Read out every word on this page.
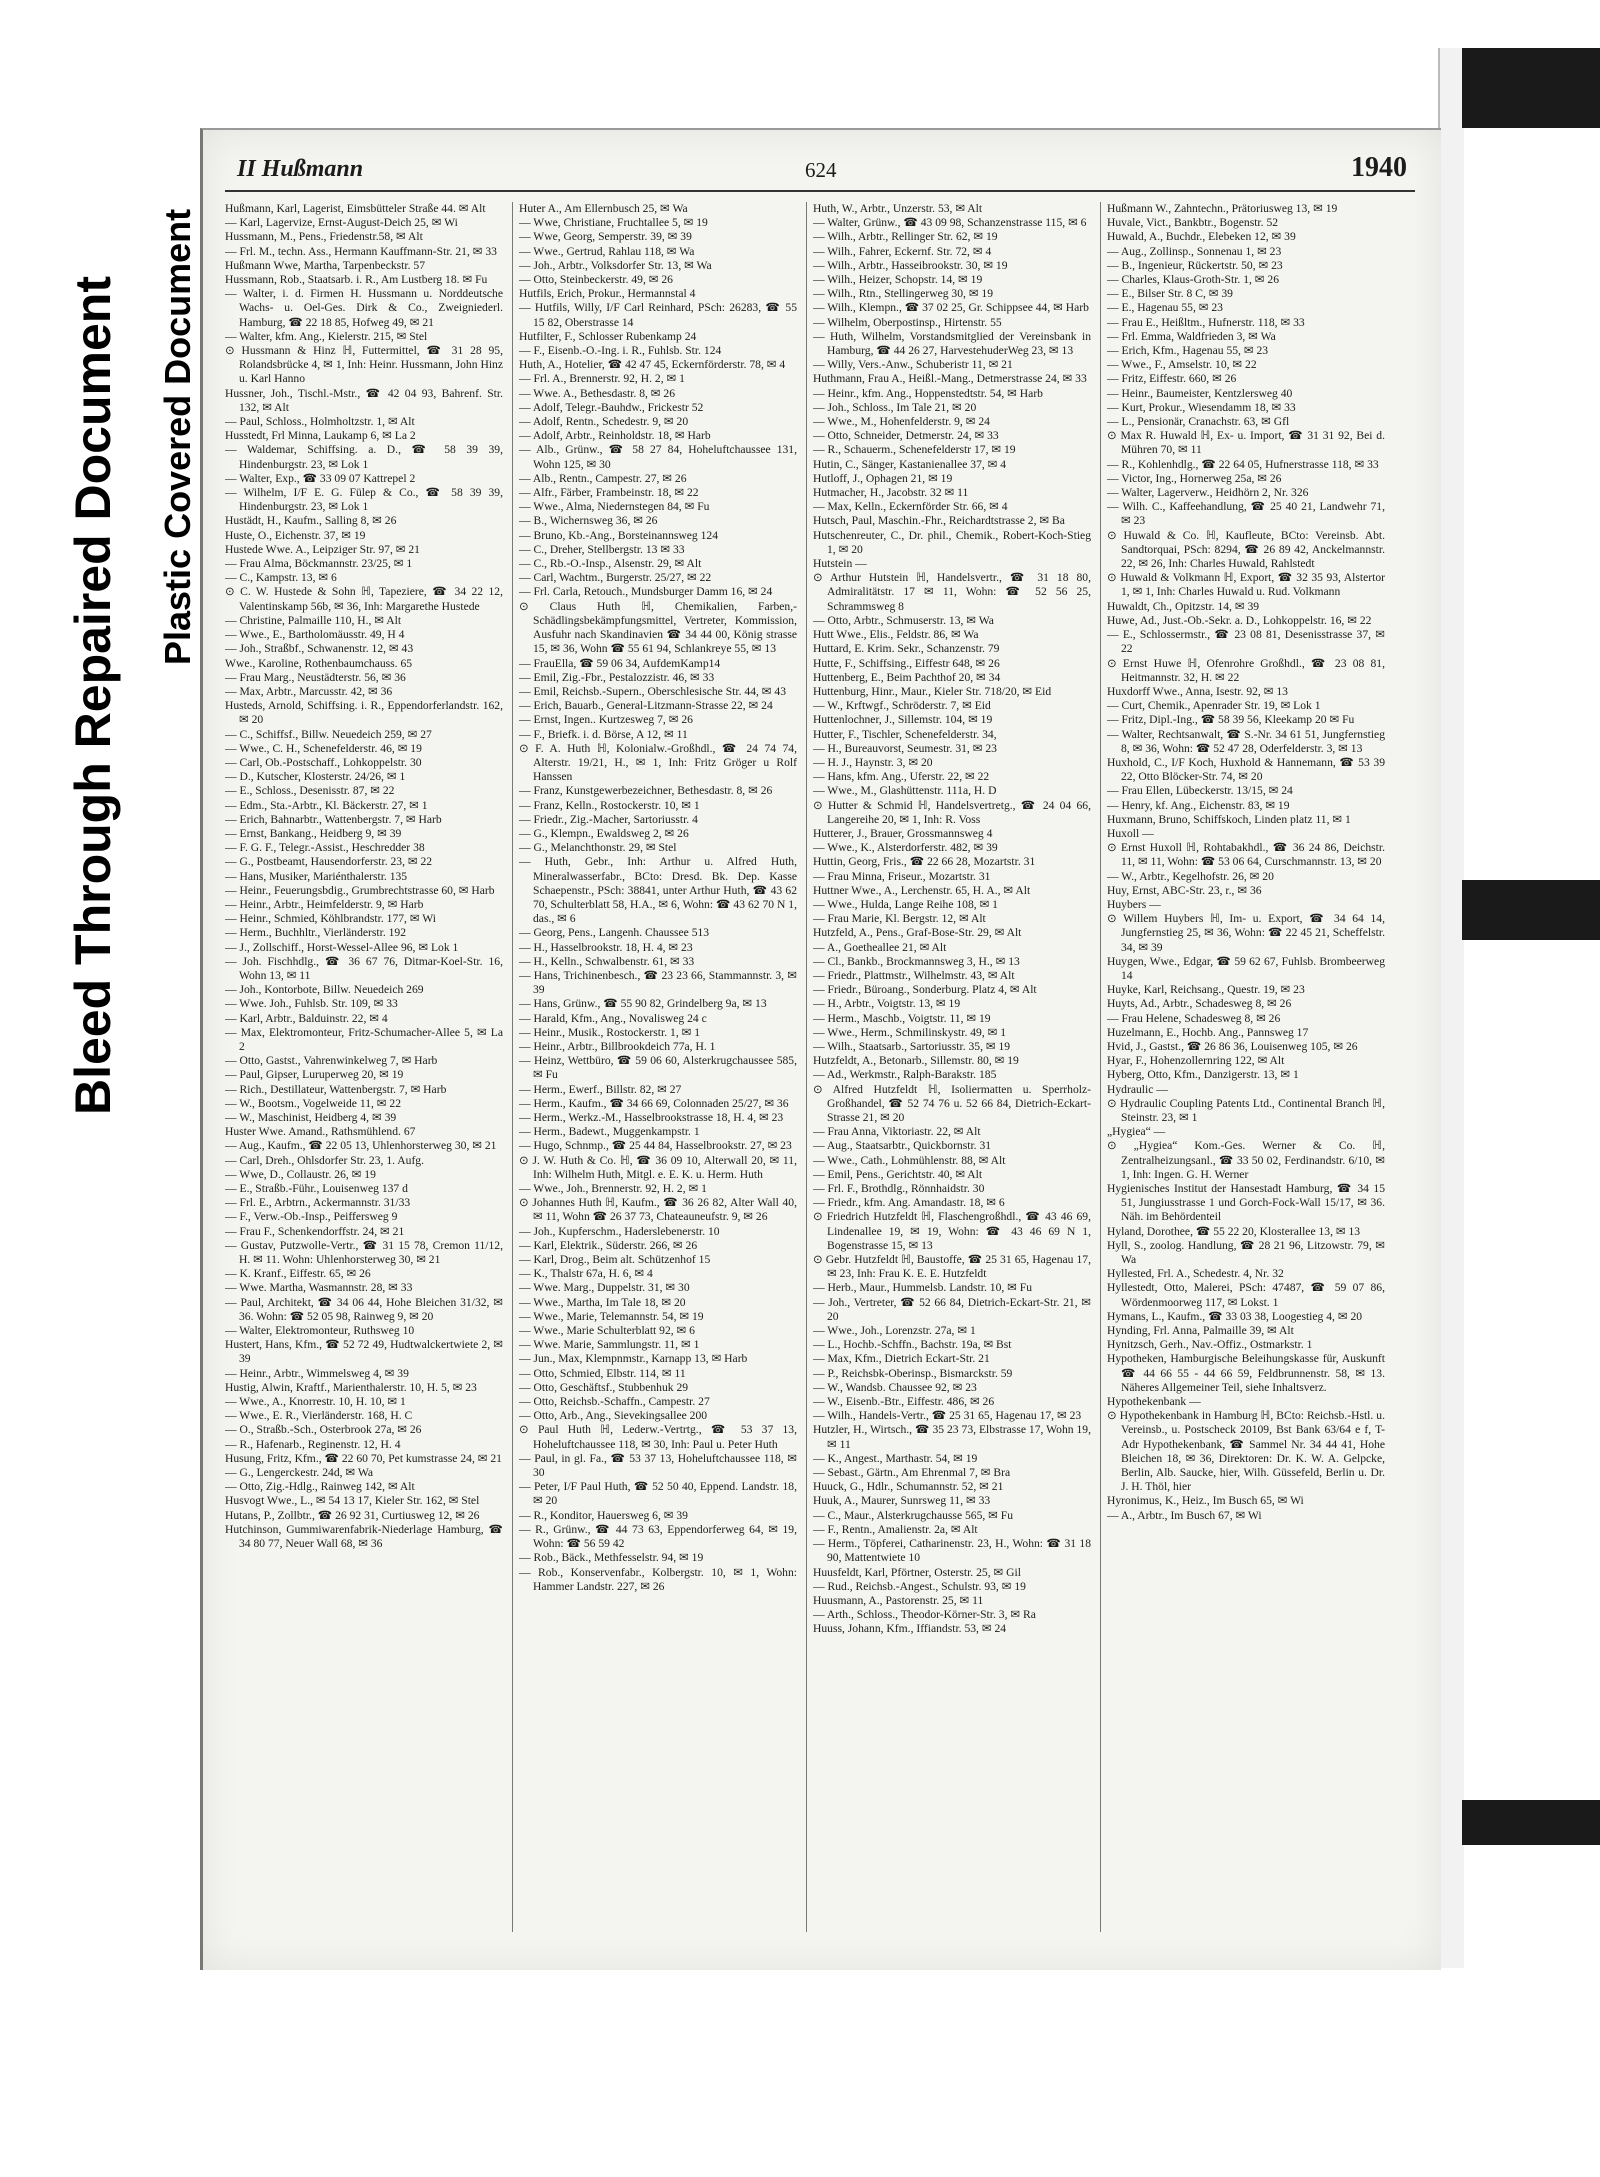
Bleed Through Repaired Document Plastic Covered Document
II Hußmann	624	1940
Hußmann, Karl, Lagerist, Eimsbütteler Straße 44. ✉ Alt
— Karl, Lagervize, Ernst-August-Deich 25, ✉ Wi
Hussmann, M., Pens., Friedenstr.58, ✉ Alt
— Frl. M., techn. Ass., Hermann Kauffmann-Str. 21, ✉ 33
Hußmann Wwe, Martha, Tarpenbeckstr. 57
Hussmann, Rob., Staatsarb. i. R., Am Lustberg 18. ✉ Fu
— Walter, i. d. Firmen H. Hussmann u. Norddeutsche Wachs- u. Oel-Ges. Dirk & Co., Zweigniederl. Hamburg, ☎ 22 18 85, Hofweg 49, ✉ 21
— Walter, kfm. Ang., Kielerstr. 215, ✉ Stel
⊙ Hussmann & Hinz ℍ, Futtermittel, ☎ 31 28 95, Rolandsbrücke 4, ✉ 1, Inh: Heinr. Hussmann, John Hinz u. Karl Hanno
Hussner, Joh., Tischl.-Mstr., ☎ 42 04 93, Bahrenf. Str. 132, ✉ Alt
— Paul, Schloss., Holmholtzstr. 1, ✉ Alt
Husstedt, Frl Minna, Laukamp 6, ✉ La 2
— Waldemar, Schiffsing. a. D., ☎ 58 39 39, Hindenburgstr. 23, ✉ Lok 1
— Walter, Exp., ☎ 33 09 07 Kattrepel 2
— Wilhelm, I/F E. G. Fülep & Co., ☎ 58 39 39, Hindenburgstr. 23, ✉ Lok 1
Hustädt, H., Kaufm., Salling 8, ✉ 26
Huste, O., Eichenstr. 37, ✉ 19
Hustede Wwe. A., Leipziger Str. 97, ✉ 21
— Frau Alma, Böckmannstr. 23/25, ✉ 1
— C., Kampstr. 13, ✉ 6
⊙ C. W. Hustede & Sohn ℍ, Tapeziere, ☎ 34 22 12, Valentinskamp 56b, ✉ 36, Inh: Margarethe Hustede
— Christine, Palmaille 110, H., ✉ Alt
— Wwe., E., Bartholomäusstr. 49, H 4
— Joh., Straßbf., Schwanenstr. 12, ✉ 43
Wwe., Karoline, Rothenbaumchauss. 65
— Frau Marg., Neustädterstr. 56, ✉ 36
— Max, Arbtr., Marcusstr. 42, ✉ 36
Husteds, Arnold, Schiffsing. i. R., Eppendorferlandstr. 162, ✉ 20
— C., Schiffsf., Billw. Neuedeich 259, ✉ 27
— Wwe., C. H., Schenefelderstr. 46, ✉ 19
— Carl, Ob.-Postschaff., Lohkoppelstr. 30
— D., Kutscher, Klosterstr. 24/26, ✉ 1
— E., Schloss., Desenisstr. 87, ✉ 22
— Edm., Sta.-Arbtr., Kl. Bäckerstr. 27, ✉ 1
— Erich, Bahnarbtr., Wattenbergstr. 7, ✉ Harb
— Ernst, Bankang., Heidberg 9, ✉ 39
— F. G. F., Telegr.-Assist., Heschredder 38
— G., Postbeamt, Hausendorferstr. 23, ✉ 22
— Hans, Musiker, Mariénthalerstr. 135
— Heinr., Feuerungsbdig., Grumbrechtstrasse 60, ✉ Harb
— Heinr., Arbtr., Heimfelderstr. 9, ✉ Harb
— Heinr., Schmied, Köhlbrandstr. 177, ✉ Wi
— Herm., Buchhltr., Vierländerstr. 192
— J., Zollschiff., Horst-Wessel-Allee 96, ✉ Lok 1
— Joh. Fischhdlg., ☎ 36 67 76, Ditmar-Koel-Str. 16, Wohn 13, ✉ 11
— Joh., Kontorbote, Billw. Neuedeich 269
— Wwe. Joh., Fuhlsb. Str. 109, ✉ 33
— Karl, Arbtr., Balduinstr. 22, ✉ 4
— Max, Elektromonteur, Fritz-Schumacher-Allee 5, ✉ La 2
— Otto, Gastst., Vahrenwinkelweg 7, ✉ Harb
— Paul, Gipser, Luruperweg 20, ✉ 19
— Rich., Destillateur, Wattenbergstr. 7, ✉ Harb
— W., Bootsm., Vogelweide 11, ✉ 22
— W., Maschinist, Heidberg 4, ✉ 39
Huster Wwe. Amand., Rathsmühlend. 67
— Aug., Kaufm., ☎ 22 05 13, Uhlenhorsterweg 30, ✉ 21
— Carl, Dreh., Ohlsdorfer Str. 23, 1. Aufg.
— Wwe, D., Collaustr. 26, ✉ 19
— E., Straßb.-Führ., Louisenweg 137 d
— Frl. E., Arbtrn., Ackermannstr. 31/33
— F., Verw.-Ob.-Insp., Peiffersweg 9
— Frau F., Schenkendorffstr. 24, ✉ 21
— Gustav, Putzwolle-Vertr., ☎ 31 15 78, Cremon 11/12, H. ✉ 11. Wohn: Uhlenhorsterweg 30, ✉ 21
— K. Kranf., Eiffestr. 65, ✉ 26
— Wwe. Martha, Wasmannstr. 28, ✉ 33
— Paul, Architekt, ☎ 34 06 44, Hohe Bleichen 31/32, ✉ 36. Wohn: ☎ 52 05 98, Rainweg 9, ✉ 20
— Walter, Elektromonteur, Ruthsweg 10
Hustert, Hans, Kfm., ☎ 52 72 49, Hudtwalckertwiete 2, ✉ 39
— Heinr., Arbtr., Wimmelsweg 4, ✉ 39
Hustig, Alwin, Kraftf., Marienthalerstr. 10, H. 5, ✉ 23
— Wwe., A., Knorrestr. 10, H. 10, ✉ 1
— Wwe., E. R., Vierländerstr. 168, H. C
— O., Straßb.-Sch., Osterbrook 27a, ✉ 26
— R., Hafenarb., Reginenstr. 12, H. 4
Husung, Fritz, Kfm., ☎ 22 60 70, Pet kumstrasse 24, ✉ 21
— G., Lengerckestr. 24d, ✉ Wa
— Otto, Zig.-Hdlg., Rainweg 142, ✉ Alt
Husvogt Wwe., L., ✉ 54 13 17, Kieler Str. 162, ✉ Stel
Hutans, P., Zollbtr., ☎ 26 92 31, Curtiusweg 12, ✉ 26
Hutchinson, Gummiwarenfabrik-Niederlage Hamburg, ☎ 34 80 77, Neuer Wall 68, ✉ 36
Huter A., Am Ellernbusch 25, ✉ Wa
— Wwe, Christiane, Fruchtallee 5, ✉ 19
— Wwe, Georg, Semperstr. 39, ✉ 39
— Wwe., Gertrud, Rahlau 118, ✉ Wa
— Joh., Arbtr., Volksdorfer Str. 13, ✉ Wa
— Otto, Steinbeckerstr. 49, ✉ 26
Hutfils, Erich, Prokur., Hermannstal 4
— Hutfils, Willy, I/F Carl Reinhard, PSch: 26283, ☎ 55 15 82, Oberstrasse 14
Hutfilter, F., Schlosser Rubenkamp 24
— F., Eisenb.-O.-Ing. i. R., Fuhlsb. Str. 124
Huth, A., Hotelier, ☎ 42 47 45, Eckernförderstr. 78, ✉ 4
— Frl. A., Brennerstr. 92, H. 2, ✉ 1
— Wwe. A., Bethesdastr. 8, ✉ 26
— Adolf, Telegr.-Bauhdw., Frickestr 52
— Adolf, Rentn., Schedestr. 9, ✉ 20
— Adolf, Arbtr., Reinholdstr. 18, ✉ Harb
— Alb., Grünw., ☎ 58 27 84, Hoheluftchaussee 131, Wohn 125, ✉ 30
— Alb., Rentn., Campestr. 27, ✉ 26
— Alfr., Färber, Frambeinstr. 18, ✉ 22
— Wwe., Alma, Niedernstegen 84, ✉ Fu
— B., Wichernsweg 36, ✉ 26
— Bruno, Kb.-Ang., Borsteinannsweg 124
— C., Dreher, Stellbergstr. 13 ✉ 33
— C., Rb.-O.-Insp., Alsenstr. 29, ✉ Alt
— Carl, Wachtm., Burgerstr. 25/27, ✉ 22
— Frl. Carla, Retouch., Mundsburger Damm 16, ✉ 24
⊙ Claus Huth ℍ, Chemikalien, Farben,-Schädlingsbekämpfungsmittel, Vertreter, Kommission, Ausfuhr nach Skandinavien ☎ 34 44 00, König strasse 15, ✉ 36, Wohn ☎ 55 61 94, Schlankreye 55, ✉ 13
— FrauElla, ☎ 59 06 34, AufdemKamp14
— Emil, Zig.-Fbr., Pestalozzistr. 46, ✉ 33
— Emil, Reichsb.-Supern., Oberschlesische Str. 44, ✉ 43
— Erich, Bauarb., General-Litzmann-Strasse 22, ✉ 24
— Ernst, Ingen.. Kurtzesweg 7, ✉ 26
— F., Briefk. i. d. Börse, A 12, ✉ 11
⊙ F. A. Huth ℍ, Kolonialw.-Großhdl., ☎ 24 74 74, Alterstr. 19/21, H., ✉ 1, Inh: Fritz Gröger u Rolf Hanssen
— Franz, Kunstgewerbezeichner, Bethesdastr. 8, ✉ 26
— Franz, Kelln., Rostockerstr. 10, ✉ 1
— Friedr., Zig.-Macher, Sartoriusstr. 4
— G., Klempn., Ewaldsweg 2, ✉ 26
— G., Melanchthonstr. 29, ✉ Stel
— Huth, Gebr., Inh: Arthur u. Alfred Huth, Mineralwasserfabr., BCto: Dresd. Bk. Dep. Kasse Schaepenstr., PSch: 38841, unter Arthur Huth, ☎ 43 62 70, Schulterblatt 58, H.A., ✉ 6, Wohn: ☎ 43 62 70 N 1, das., ✉ 6
— Georg, Pens., Langenh. Chaussee 513
— H., Hasselbrookstr. 18, H. 4, ✉ 23
— H., Kelln., Schwalbenstr. 61, ✉ 33
— Hans, Trichinenbesch., ☎ 23 23 66, Stammannstr. 3, ✉ 39
— Hans, Grünw., ☎ 55 90 82, Grindelberg 9a, ✉ 13
— Harald, Kfm., Ang., Novalisweg 24 c
— Heinr., Musik., Rostockerstr. 1, ✉ 1
— Heinr., Arbtr., Billbrookdeich 77a, H. 1
— Heinz, Wettbüro, ☎ 59 06 60, Alsterkrugchaussee 585, ✉ Fu
— Herm., Ewerf., Billstr. 82, ✉ 27
— Herm., Kaufm., ☎ 34 66 69, Colonnaden 25/27, ✉ 36
— Herm., Werkz.-M., Hasselbrookstrasse 18, H. 4, ✉ 23
— Herm., Badewt., Muggenkampstr. 1
— Hugo, Schnmp., ☎ 25 44 84, Hasselbrookstr. 27, ✉ 23
⊙ J. W. Huth & Co. ℍ, ☎ 36 09 10, Alterwall 20, ✉ 11, Inh: Wilhelm Huth, Mitgl. e. E. K. u. Herm. Huth
— Wwe., Joh., Brennerstr. 92, H. 2, ✉ 1
⊙ Johannes Huth ℍ, Kaufm., ☎ 36 26 82, Alter Wall 40, ✉ 11, Wohn ☎ 26 37 73, Chateauneufstr. 9, ✉ 26
— Joh., Kupferschm., Haderslebenerstr. 10
— Karl, Elektrik., Süderstr. 266, ✉ 26
— Karl, Drog., Beim alt. Schützenhof 15
— K., Thalstr 67a, H. 6, ✉ 4
— Wwe. Marg., Duppelstr. 31, ✉ 30
— Wwe., Martha, Im Tale 18, ✉ 20
— Wwe., Marie, Telemannstr. 54, ✉ 19
— Wwe., Marie Schulterblatt 92, ✉ 6
— Wwe. Marie, Sammlungstr. 11, ✉ 1
— Jun., Max, Klempnmstr., Karnapp 13, ✉ Harb
— Otto, Schmied, Elbstr. 114, ✉ 11
— Otto, Geschäftsf., Stubbenhuk 29
— Otto, Reichsb.-Schaffn., Campestr. 27
— Otto, Arb., Ang., Sievekingsallee 200
⊙ Paul Huth ℍ, Lederw.-Vertrtg., ☎ 53 37 13, Hoheluftchaussee 118, ✉ 30, Inh: Paul u. Peter Huth
— Paul, in gl. Fa., ☎ 53 37 13, Hoheluftchaussee 118, ✉ 30
— Peter, I/F Paul Huth, ☎ 52 50 40, Eppend. Landstr. 18, ✉ 20
— R., Konditor, Hauersweg 6, ✉ 39
— R., Grünw., ☎ 44 73 63, Eppendorferweg 64, ✉ 19, Wohn: ☎ 56 59 42
— Rob., Bäck., Methfesselstr. 94, ✉ 19
— Rob., Konservenfabr., Kolbergstr. 10, ✉ 1, Wohn: Hammer Landstr. 227, ✉ 26
Huth, W., Arbtr., Unzerstr. 53, ✉ Alt
— Walter, Grünw., ☎ 43 09 98, Schanzenstrasse 115, ✉ 6
— Wilh., Arbtr., Rellinger Str. 62, ✉ 19
— Wilh., Fahrer, Eckernf. Str. 72, ✉ 4
— Wilh., Arbtr., Hasseibrookstr. 30, ✉ 19
— Wilh., Heizer, Schopstr. 14, ✉ 19
— Wilh., Rtn., Stellingerweg 30, ✉ 19
— Wilh., Klempn., ☎ 37 02 25, Gr. Schippsee 44, ✉ Harb
— Wilhelm, Oberpostinsp., Hirtenstr. 55
— Huth, Wilhelm, Vorstandsmitglied der Vereinsbank in Hamburg, ☎ 44 26 27, HarvestehuderWeg 23, ✉ 13
— Willy, Vers.-Anw., Schuberistr 11, ✉ 21
Huthmann, Frau A., Heißl.-Mang., Detmerstrasse 24, ✉ 33
— Heinr., kfm. Ang., Hoppenstedtstr. 54, ✉ Harb
— Joh., Schloss., Im Tale 21, ✉ 20
— Wwe., M., Hohenfelderstr. 9, ✉ 24
— Otto, Schneider, Detmerstr. 24, ✉ 33
— R., Schauerm., Schenefelderstr 17, ✉ 19
Hutin, C., Sänger, Kastanienallee 37, ✉ 4
Hutloff, J., Ophagen 21, ✉ 19
Hutmacher, H., Jacobstr. 32 ✉ 11
— Max, Kelln., Eckernförder Str. 66, ✉ 4
Hutsch, Paul, Maschin.-Fhr., Reichardtstrasse 2, ✉ Ba
Hutschenreuter, C., Dr. phil., Chemik., Robert-Koch-Stieg 1, ✉ 20
Hutstein —
⊙ Arthur Hutstein ℍ, Handelsvertr., ☎ 31 18 80, Admiralitätstr. 17 ✉ 11, Wohn: ☎ 52 56 25, Schrammsweg 8
— Otto, Arbtr., Schmuserstr. 13, ✉ Wa
Hutt Wwe., Elis., Feldstr. 86, ✉ Wa
Huttard, E. Krim. Sekr., Schanzenstr. 79
Hutte, F., Schiffsing., Eiffestr 648, ✉ 26
Huttenberg, E., Beim Pachthof 20, ✉ 34
Huttenburg, Hinr., Maur., Kieler Str. 718/20, ✉ Eid
— W., Krftwgf., Schröderstr. 7, ✉ Eid
Huttenlochner, J., Sillemstr. 104, ✉ 19
Hutter, F., Tischler, Schenefelderstr. 34,
— H., Bureauvorst, Seumestr. 31, ✉ 23
— H. J., Haynstr. 3, ✉ 20
— Hans, kfm. Ang., Uferstr. 22, ✉ 22
— Wwe., M., Glashüttenstr. 111a, H. D
⊙ Hutter & Schmid ℍ, Handelsvertretg., ☎ 24 04 66, Langereihe 20, ✉ 1, Inh: R. Voss
Hutterer, J., Brauer, Grossmannsweg 4
— Wwe., K., Alsterdorferstr. 482, ✉ 39
Huttin, Georg, Fris., ☎ 22 66 28, Mozartstr. 31
— Frau Minna, Friseur., Mozartstr. 31
Huttner Wwe., A., Lerchenstr. 65, H. A., ✉ Alt
— Wwe., Hulda, Lange Reihe 108, ✉ 1
— Frau Marie, Kl. Bergstr. 12, ✉ Alt
Hutzfeld, A., Pens., Graf-Bose-Str. 29, ✉ Alt
— A., Goetheallee 21, ✉ Alt
— Cl., Bankb., Brockmannsweg 3, H., ✉ 13
— Friedr., Plattmstr., Wilhelmstr. 43, ✉ Alt
— Friedr., Büroang., Sonderburg. Platz 4, ✉ Alt
— H., Arbtr., Voigtstr. 13, ✉ 19
— Herm., Maschb., Voigtstr. 11, ✉ 19
— Wwe., Herm., Schmilinskystr. 49, ✉ 1
— Wilh., Staatsarb., Sartoriusstr. 35, ✉ 19
Hutzfeldt, A., Betonarb., Sillemstr. 80, ✉ 19
— Ad., Werkmstr., Ralph-Barakstr. 185
⊙ Alfred Hutzfeldt ℍ, Isoliermatten u. Sperrholz-Großhandel, ☎ 52 74 76 u. 52 66 84, Dietrich-Eckart-Strasse 21, ✉ 20
— Frau Anna, Viktoriastr. 22, ✉ Alt
— Aug., Staatsarbtr., Quickbornstr. 31
— Wwe., Cath., Lohmühlenstr. 88, ✉ Alt
— Emil, Pens., Gerichtstr. 40, ✉ Alt
— Frl. F., Brothdlg., Rönnhaidstr. 30
— Friedr., kfm. Ang. Amandastr. 18, ✉ 6
⊙ Friedrich Hutzfeldt ℍ, Flaschengroßhdl., ☎ 43 46 69, Lindenallee 19, ✉ 19, Wohn: ☎ 43 46 69 N 1, Bogenstrasse 15, ✉ 13
⊙ Gebr. Hutzfeldt ℍ, Baustoffe, ☎ 25 31 65, Hagenau 17, ✉ 23, Inh: Frau K. E. E. Hutzfeldt
— Herb., Maur., Hummelsb. Landstr. 10, ✉ Fu
— Joh., Vertreter, ☎ 52 66 84, Dietrich-Eckart-Str. 21, ✉ 20
— Wwe., Joh., Lorenzstr. 27a, ✉ 1
— L., Hochb.-Schffn., Bachstr. 19a, ✉ Bst
— Max, Kfm., Dietrich Eckart-Str. 21
— P., Reichsbk-Oberinsp., Bismarckstr. 59
— W., Wandsb. Chaussee 92, ✉ 23
— W., Eisenb.-Btr., Eiffestr. 486, ✉ 26
— Wilh., Handels-Vertr., ☎ 25 31 65, Hagenau 17, ✉ 23
Hutzler, H., Wirtsch., ☎ 35 23 73, Elbstrasse 17, Wohn 19, ✉ 11
— K., Angest., Marthastr. 54, ✉ 19
— Sebast., Gärtn., Am Ehrenmal 7, ✉ Bra
Huuck, G., Hdlr., Schumannstr. 52, ✉ 21
Huuk, A., Maurer, Sunrsweg 11, ✉ 33
— C., Maur., Alsterkrugchausse 565, ✉ Fu
— F., Rentn., Amalienstr. 2a, ✉ Alt
— Herm., Töpferei, Catharinenstr. 23, H., Wohn: ☎ 31 18 90, Mattentwiete 10
Huusfeldt, Karl, Pförtner, Osterstr. 25, ✉ Gil
— Rud., Reichsb.-Angest., Schulstr. 93, ✉ 19
Huusmann, A., Pastorenstr. 25, ✉ 11
— Arth., Schloss., Theodor-Körner-Str. 3, ✉ Ra
Huuss, Johann, Kfm., Iffiandstr. 53, ✉ 24
Hußmann W., Zahntechn., Prätoriusweg 13, ✉ 19
Huvale, Vict., Bankbtr., Bogenstr. 52
Huwald, A., Buchdr., Elebeken 12, ✉ 39
— Aug., Zollinsp., Sonnenau 1, ✉ 23
— B., Ingenieur, Rückertstr. 50, ✉ 23
— Charles, Klaus-Groth-Str. 1, ✉ 26
— E., Bilser Str. 8 C, ✉ 39
— E., Hagenau 55, ✉ 23
— Frau E., Heißltm., Hufnerstr. 118, ✉ 33
— Frl. Emma, Waldfrieden 3, ✉ Wa
— Erich, Kfm., Hagenau 55, ✉ 23
— Wwe., F., Amselstr. 10, ✉ 22
— Fritz, Eiffestr. 660, ✉ 26
— Heinr., Baumeister, Kentzlersweg 40
— Kurt, Prokur., Wiesendamm 18, ✉ 33
— L., Pensionär, Cranachstr. 63, ✉ Gfl
⊙ Max R. Huwald ℍ, Ex- u. Import, ☎ 31 31 92, Bei d. Mühren 70, ✉ 11
— R., Kohlenhdlg., ☎ 22 64 05, Hufnerstrasse 118, ✉ 33
— Victor, Ing., Hornerweg 25a, ✉ 26
— Walter, Lagerverw., Heidhörn 2, Nr. 326
— Wilh. C., Kaffeehandlung, ☎ 25 40 21, Landwehr 71, ✉ 23
⊙ Huwald & Co. ℍ, Kaufleute, BCto: Vereinsb. Abt. Sandtorquai, PSch: 8294, ☎ 26 89 42, Anckelmannstr. 22, ✉ 26, Inh: Charles Huwald, Rahlstedt
⊙ Huwald & Volkmann ℍ, Export, ☎ 32 35 93, Alstertor 1, ✉ 1, Inh: Charles Huwald u. Rud. Volkmann
Huwaldt, Ch., Opitzstr. 14, ✉ 39
Huwe, Ad., Just.-Ob.-Sekr. a. D., Lohkoppelstr. 16, ✉ 22
— E., Schlossermstr., ☎ 23 08 81, Desenisstrasse 37, ✉ 22
⊙ Ernst Huwe ℍ, Ofenrohre Großhdl., ☎ 23 08 81, Heitmannstr. 32, H. ✉ 22
Huxdorff Wwe., Anna, Isestr. 92, ✉ 13
— Curt, Chemik., Apenrader Str. 19, ✉ Lok 1
— Fritz, Dipl.-Ing., ☎ 58 39 56, Kleekamp 20 ✉ Fu
— Walter, Rechtsanwalt, ☎ S.-Nr. 34 61 51, Jungfernstieg 8, ✉ 36, Wohn: ☎ 52 47 28, Oderfelderstr. 3, ✉ 13
Huxhold, C., I/F Koch, Huxhold & Hannemann, ☎ 53 39 22, Otto Blöcker-Str. 74, ✉ 20
— Frau Ellen, Lübeckerstr. 13/15, ✉ 24
— Henry, kf. Ang., Eichenstr. 83, ✉ 19
Huxmann, Bruno, Schiffskoch, Linden platz 11, ✉ 1
Huxoll —
⊙ Ernst Huxoll ℍ, Rohtabakhdl., ☎ 36 24 86, Deichstr. 11, ✉ 11, Wohn: ☎ 53 06 64, Curschmannstr. 13, ✉ 20
— W., Arbtr., Kegelhofstr. 26, ✉ 20
Huy, Ernst, ABC-Str. 23, r., ✉ 36
Huybers —
⊙ Willem Huybers ℍ, Im- u. Export, ☎ 34 64 14, Jungfernstieg 25, ✉ 36, Wohn: ☎ 22 45 21, Scheffelstr. 34, ✉ 39
Huygen, Wwe., Edgar, ☎ 59 62 67, Fuhlsb. Brombeerweg 14
Huyke, Karl, Reichsang., Questr. 19, ✉ 23
Huyts, Ad., Arbtr., Schadesweg 8, ✉ 26
— Frau Helene, Schadesweg 8, ✉ 26
Huzelmann, E., Hochb. Ang., Pannsweg 17
Hvid, J., Gastst., ☎ 26 86 36, Louisenweg 105, ✉ 26
Hyar, F., Hohenzollernring 122, ✉ Alt
Hyberg, Otto, Kfm., Danzigerstr. 13, ✉ 1
Hydraulic —
⊙ Hydraulic Coupling Patents Ltd., Continental Branch ℍ, Steinstr. 23, ✉ 1
„Hygiea“ —
⊙ „Hygiea“ Kom.-Ges. Werner & Co. ℍ, Zentralheizungsanl., ☎ 33 50 02, Ferdinandstr. 6/10, ✉ 1, Inh: Ingen. G. H. Werner
Hygienisches Institut der Hansestadt Hamburg, ☎ 34 15 51, Jungiusstrasse 1 und Gorch-Fock-Wall 15/17, ✉ 36. Näh. im Behördenteil
Hyland, Dorothee, ☎ 55 22 20, Klosterallee 13, ✉ 13
Hyll, S., zoolog. Handlung, ☎ 28 21 96, Litzowstr. 79, ✉ Wa
Hyllested, Frl. A., Schedestr. 4, Nr. 32
Hyllestedt, Otto, Malerei, PSch: 47487, ☎ 59 07 86, Wördenmoorweg 117, ✉ Lokst. 1
Hymans, L., Kaufm., ☎ 33 03 38, Loogestieg 4, ✉ 20
Hynding, Frl. Anna, Palmaille 39, ✉ Alt
Hynitzsch, Gerh., Nav.-Offiz., Ostmarkstr. 1
Hypotheken, Hamburgische Beleihungskasse für, Auskunft ☎ 44 66 55 - 44 66 59, Feldbrunnenstr. 58, ✉ 13. Näheres Allgemeiner Teil, siehe Inhaltsverz.
Hypothekenbank —
⊙ Hypothekenbank in Hamburg ℍ, BCto: Reichsb.-Hstl. u. Vereinsb., u. Postscheck 20109, Bst Bank 63/64 e f, T-Adr Hypothekenbank, ☎ Sammel Nr. 34 44 41, Hohe Bleichen 18, ✉ 36, Direktoren: Dr. K. W. A. Gelpcke, Berlin, Alb. Saucke, hier, Wilh. Güssefeld, Berlin u. Dr. J. H. Thöl, hier
Hyronimus, K., Heiz., Im Busch 65, ✉ Wi
— A., Arbtr., Im Busch 67, ✉ Wi
